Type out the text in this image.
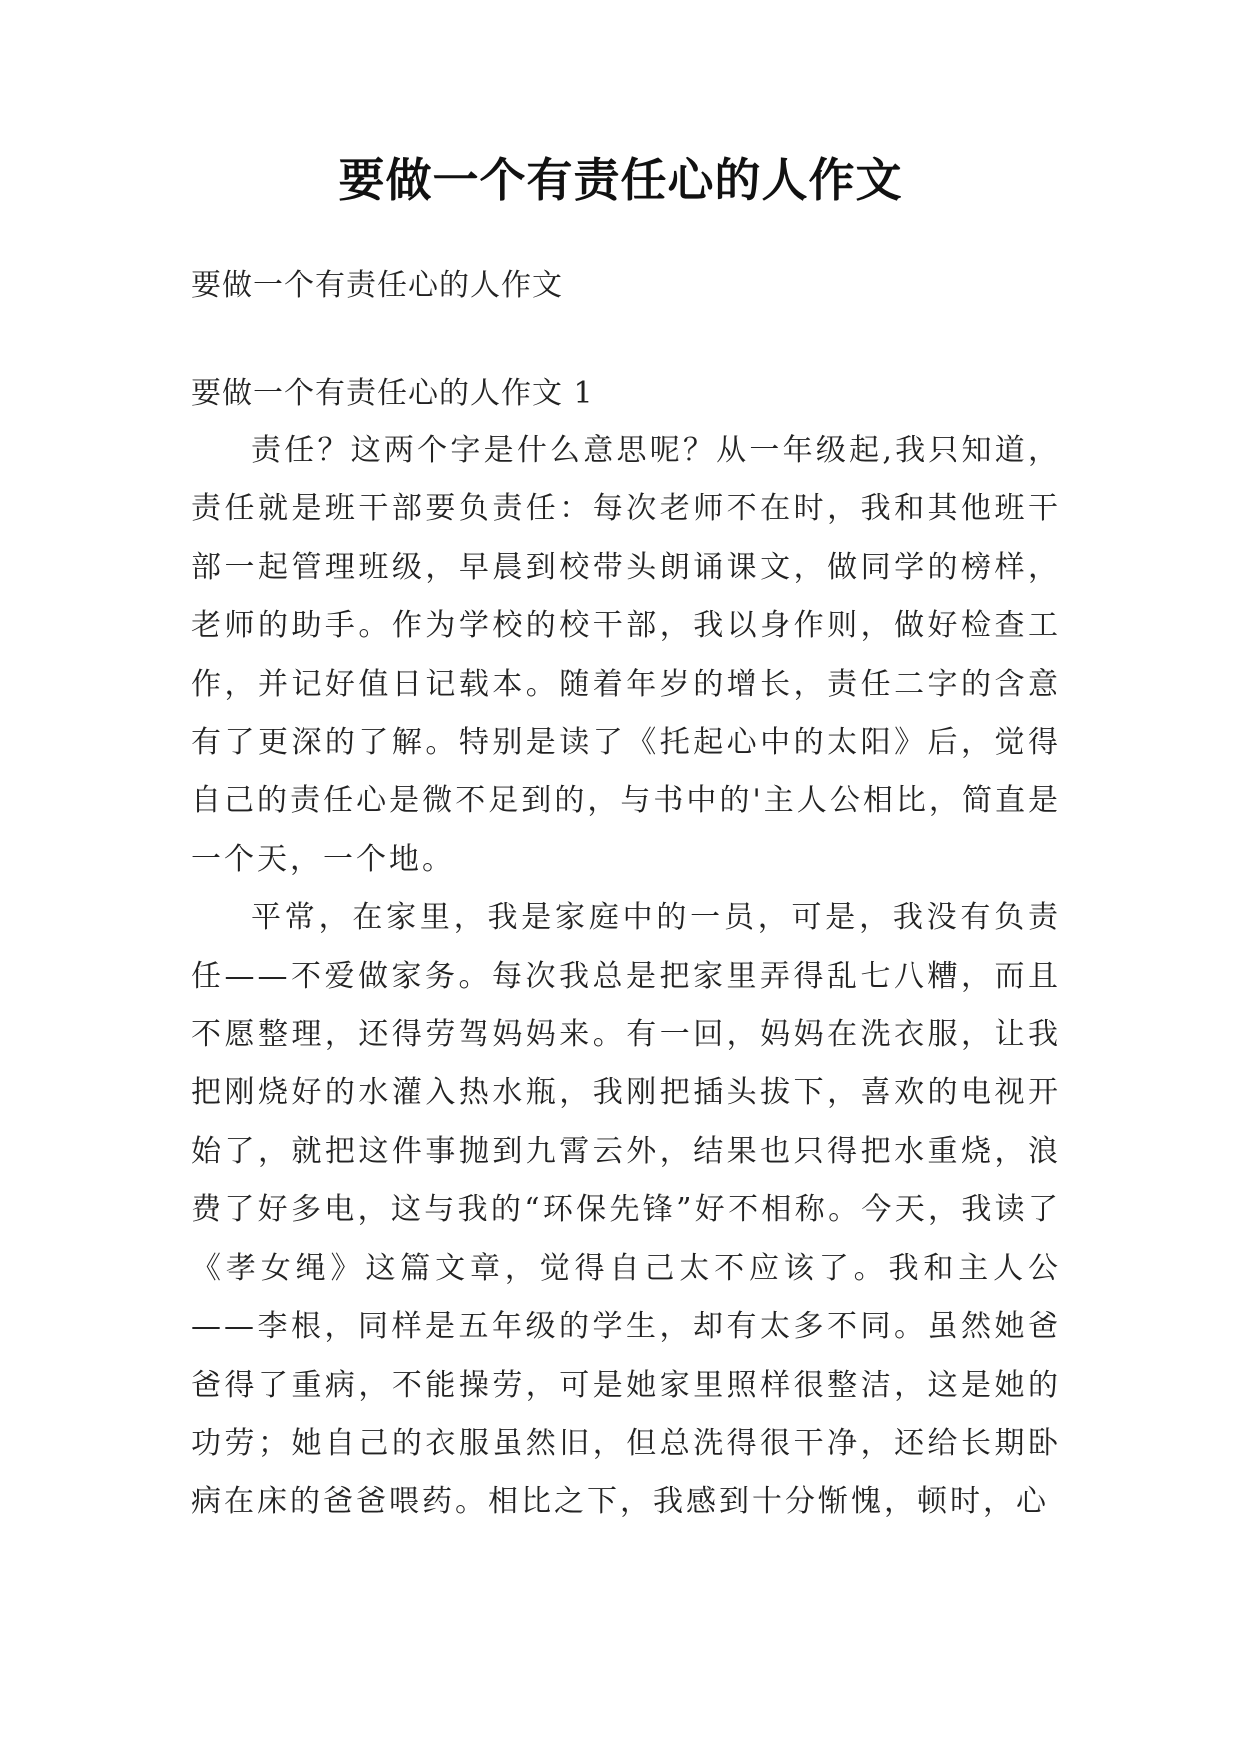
要做一个有责任心的人作文

要做一个有责任心的人作文

要做一个有责任心的人作文 1

责任？这两个字是什么意思呢？从一年级起,我只知道，责任就是班干部要负责任：每次老师不在时，我和其他班干部一起管理班级，早晨到校带头朗诵课文，做同学的榜样，老师的助手。作为学校的校干部，我以身作则，做好检查工作，并记好值日记载本。随着年岁的增长，责任二字的含意有了更深的了解。特别是读了《托起心中的太阳》后，觉得自己的责任心是微不足到的，与书中的'主人公相比，简直是一个天，一个地。

平常，在家里，我是家庭中的一员，可是，我没有负责任——不爱做家务。每次我总是把家里弄得乱七八糟，而且不愿整理，还得劳驾妈妈来。有一回，妈妈在洗衣服，让我把刚烧好的水灌入热水瓶，我刚把插头拔下，喜欢的电视开始了，就把这件事抛到九霄云外，结果也只得把水重烧，浪费了好多电，这与我的“环保先锋”好不相称。今天，我读了《孝女绳》这篇文章，觉得自己太不应该了。我和主人公——李根，同样是五年级的学生，却有太多不同。虽然她爸爸得了重病，不能操劳，可是她家里照样很整洁，这是她的功劳；她自己的衣服虽然旧，但总洗得很干净，还给长期卧病在床的爸爸喂药。相比之下，我感到十分惭愧，顿时，心
